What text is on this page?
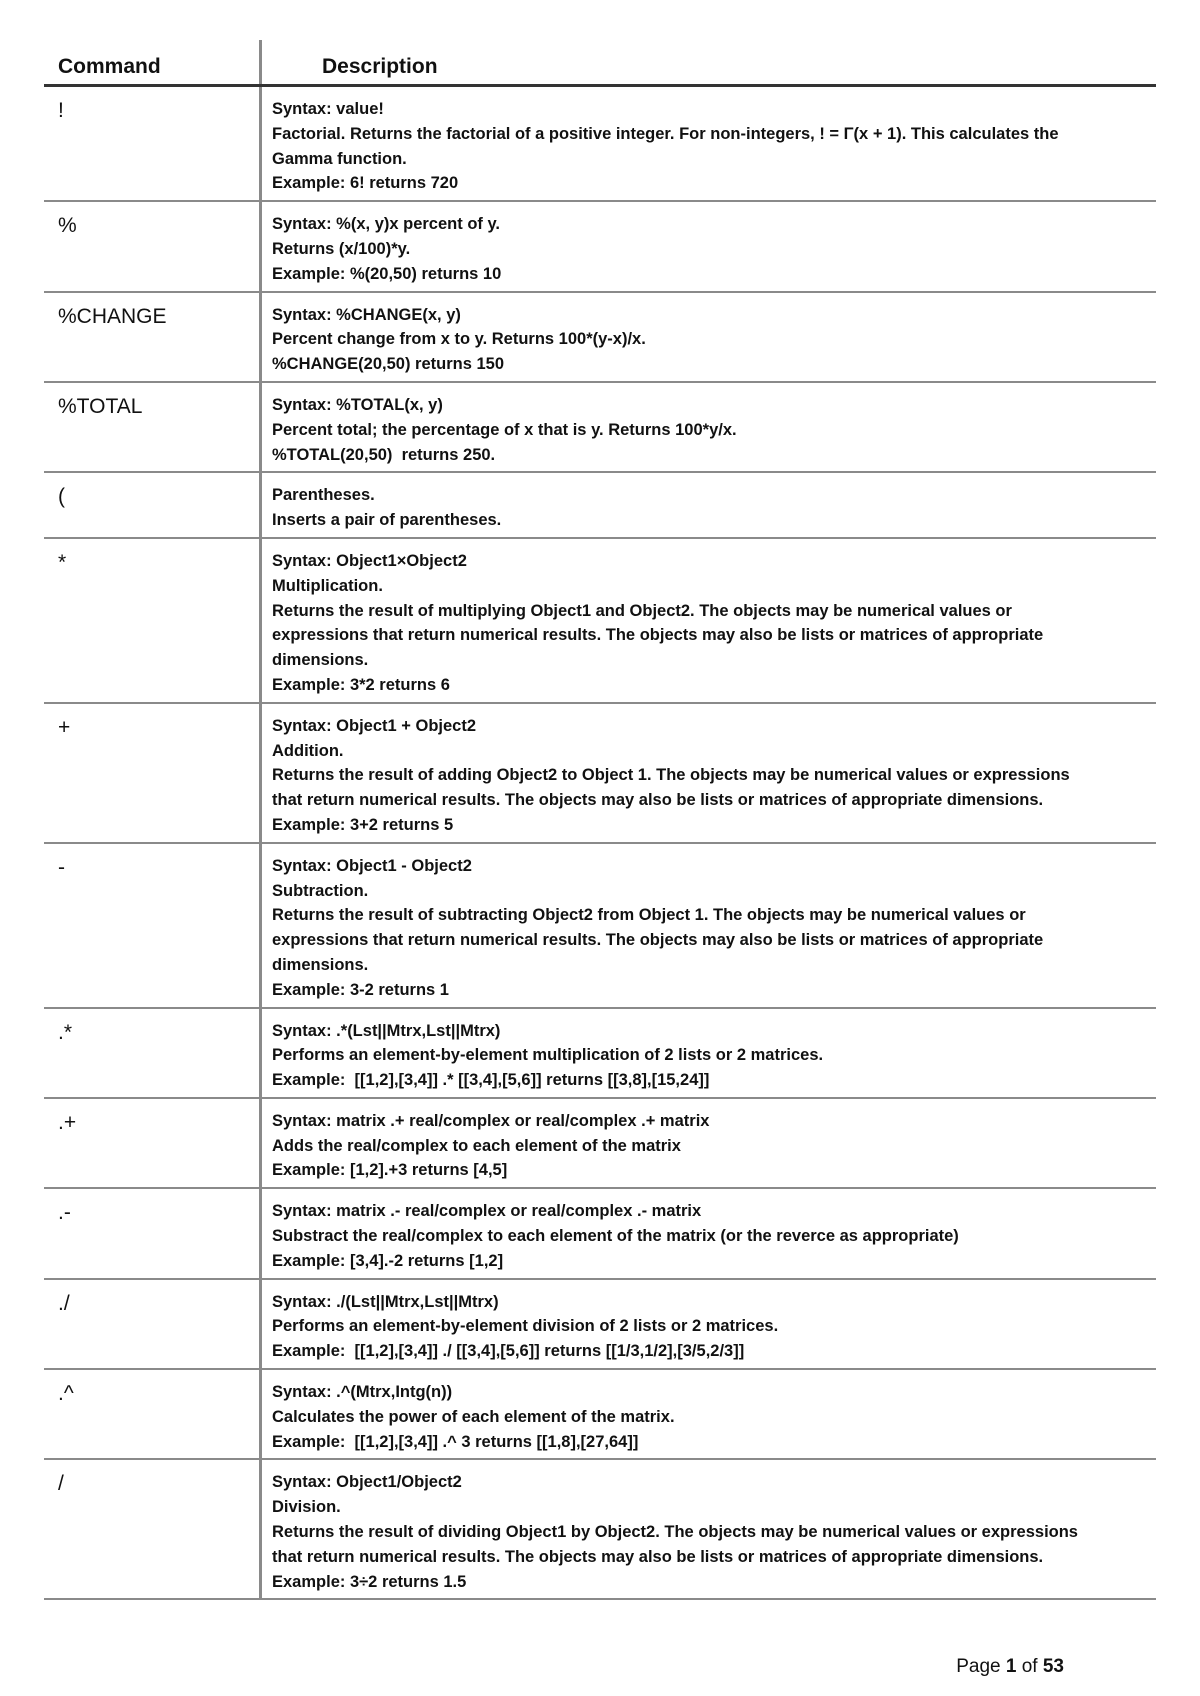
Command	Description
!	Syntax: value!
Factorial. Returns the factorial of a positive integer. For non-integers, ! = Γ(x + 1). This calculates the
Gamma function.
Example: 6! returns 720
%	Syntax: %(x, y)x percent of y.
Returns (x/100)*y.
Example: %(20,50) returns 10
%CHANGE	Syntax: %CHANGE(x, y)
Percent change from x to y. Returns 100*(y-x)/x.
%CHANGE(20,50) returns 150
%TOTAL	Syntax: %TOTAL(x, y)
Percent total; the percentage of x that is y. Returns 100*y/x.
%TOTAL(20,50)  returns 250.
(	Parentheses.
Inserts a pair of parentheses.
*	Syntax: Object1×Object2
Multiplication.
Returns the result of multiplying Object1 and Object2. The objects may be numerical values or
expressions that return numerical results. The objects may also be lists or matrices of appropriate
dimensions.
Example: 3*2 returns 6
+	Syntax: Object1 + Object2
Addition.
Returns the result of adding Object2 to Object 1. The objects may be numerical values or expressions
that return numerical results. The objects may also be lists or matrices of appropriate dimensions.
Example: 3+2 returns 5
-	Syntax: Object1 - Object2
Subtraction.
Returns the result of subtracting Object2 from Object 1. The objects may be numerical values or
expressions that return numerical results. The objects may also be lists or matrices of appropriate
dimensions.
Example: 3-2 returns 1
.*	Syntax: .*(Lst||Mtrx,Lst||Mtrx)
Performs an element-by-element multiplication of 2 lists or 2 matrices.
Example:  [[1,2],[3,4]] .* [[3,4],[5,6]] returns [[3,8],[15,24]]
.+	Syntax: matrix .+ real/complex or real/complex .+ matrix
Adds the real/complex to each element of the matrix
Example: [1,2].+3 returns [4,5]
.-	Syntax: matrix .- real/complex or real/complex .- matrix
Substract the real/complex to each element of the matrix (or the reverce as appropriate)
Example: [3,4].-2 returns [1,2]
./	Syntax: ./(Lst||Mtrx,Lst||Mtrx)
Performs an element-by-element division of 2 lists or 2 matrices.
Example:  [[1,2],[3,4]] ./ [[3,4],[5,6]] returns [[1/3,1/2],[3/5,2/3]]
.^	Syntax: .^(Mtrx,Intg(n))
Calculates the power of each element of the matrix.
Example:  [[1,2],[3,4]] .^ 3 returns [[1,8],[27,64]]
/	Syntax: Object1/Object2
Division.
Returns the result of dividing Object1 by Object2. The objects may be numerical values or expressions
that return numerical results. The objects may also be lists or matrices of appropriate dimensions.
Example: 3÷2 returns 1.5
Page 1 of 53
